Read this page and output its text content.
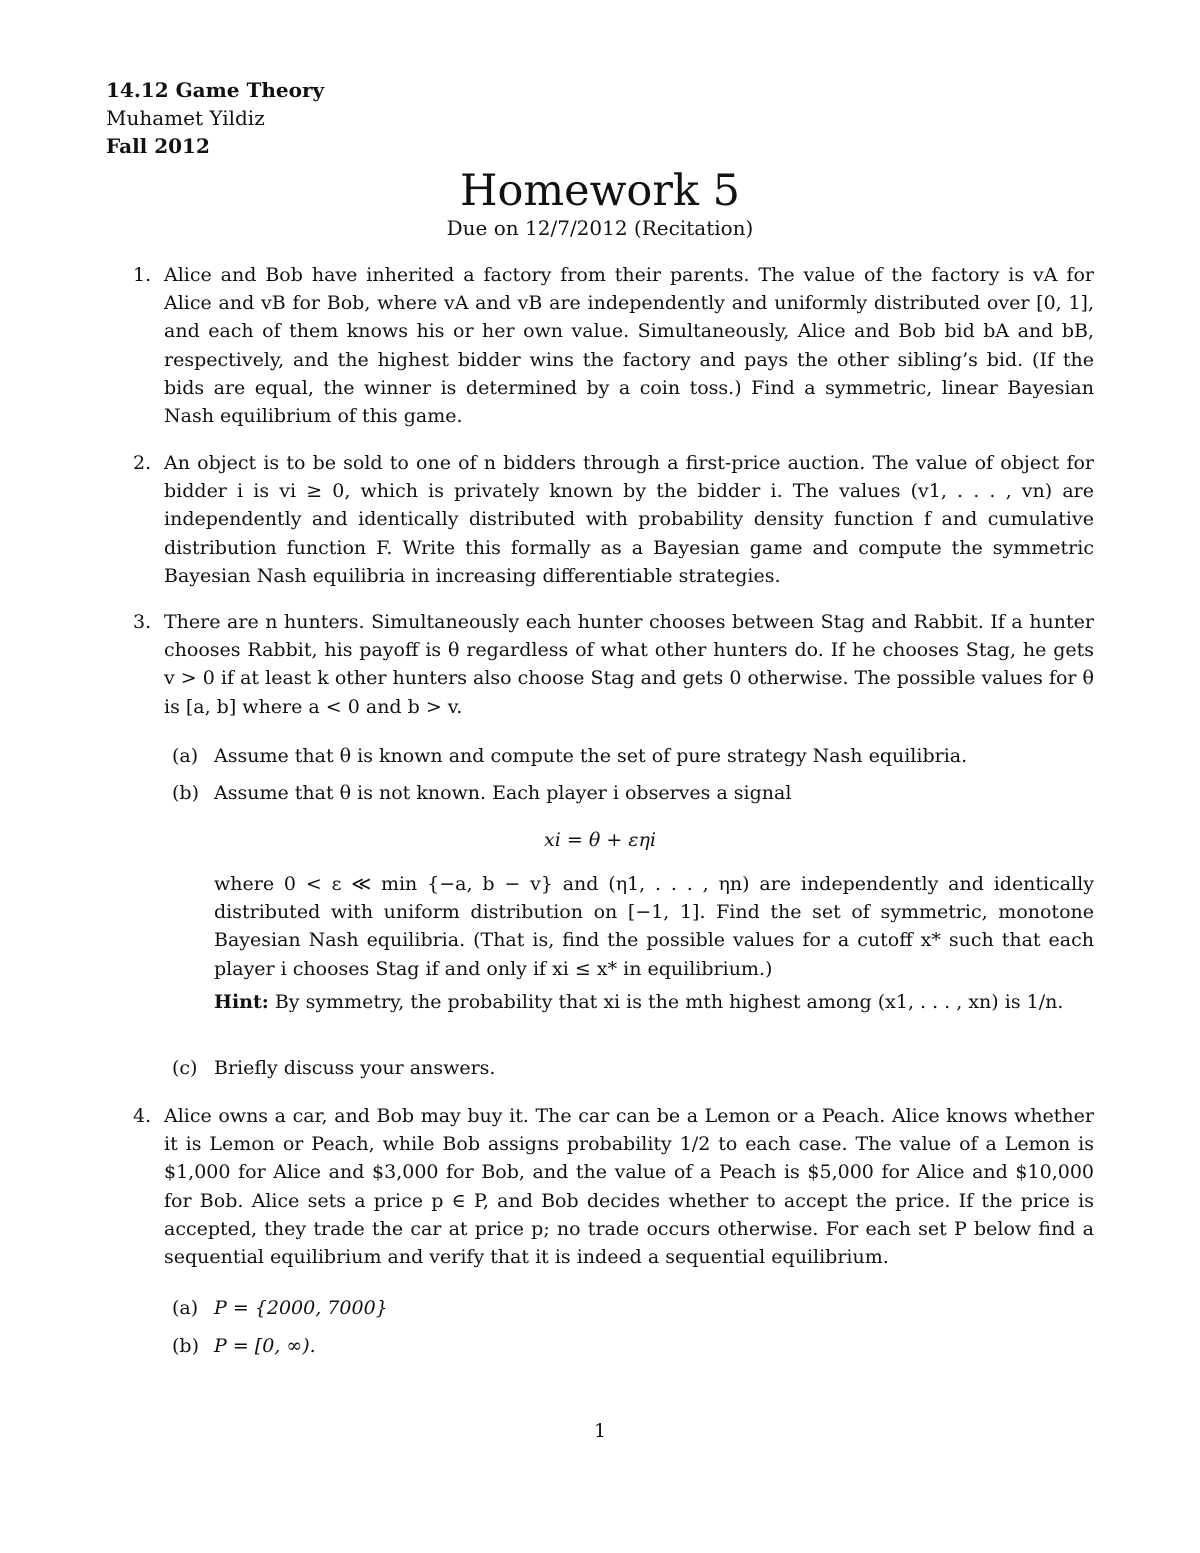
14.12 Game Theory
Muhamet Yildiz
Fall 2012
Homework 5
Due on 12/7/2012 (Recitation)
1. Alice and Bob have inherited a factory from their parents. The value of the factory is vA for Alice and vB for Bob, where vA and vB are independently and uniformly distributed over [0, 1], and each of them knows his or her own value. Simultaneously, Alice and Bob bid bA and bB, respectively, and the highest bidder wins the factory and pays the other sibling’s bid. (If the bids are equal, the winner is determined by a coin toss.) Find a symmetric, linear Bayesian Nash equilibrium of this game.
2. An object is to be sold to one of n bidders through a first-price auction. The value of object for bidder i is vi ≥ 0, which is privately known by the bidder i. The values (v1, . . . , vn) are independently and identically distributed with probability density function f and cumulative distribution function F. Write this formally as a Bayesian game and compute the symmetric Bayesian Nash equilibria in increasing differentiable strategies.
3. There are n hunters. Simultaneously each hunter chooses between Stag and Rabbit. If a hunter chooses Rabbit, his payoff is θ regardless of what other hunters do. If he chooses Stag, he gets v > 0 if at least k other hunters also choose Stag and gets 0 otherwise. The possible values for θ is [a, b] where a < 0 and b > v.
(a) Assume that θ is known and compute the set of pure strategy Nash equilibria.
(b) Assume that θ is not known. Each player i observes a signal
xi = θ + εηi
where 0 < ε ≪ min {−a, b − v} and (η1, . . . , ηn) are independently and identically distributed with uniform distribution on [−1, 1]. Find the set of symmetric, monotone Bayesian Nash equilibria. (That is, find the possible values for a cutoff x* such that each player i chooses Stag if and only if xi ≤ x* in equilibrium.)
Hint: By symmetry, the probability that xi is the mth highest among (x1, . . . , xn) is 1/n.
(c) Briefly discuss your answers.
4. Alice owns a car, and Bob may buy it. The car can be a Lemon or a Peach. Alice knows whether it is Lemon or Peach, while Bob assigns probability 1/2 to each case. The value of a Lemon is $1,000 for Alice and $3,000 for Bob, and the value of a Peach is $5,000 for Alice and $10,000 for Bob. Alice sets a price p ∈ P, and Bob decides whether to accept the price. If the price is accepted, they trade the car at price p; no trade occurs otherwise. For each set P below find a sequential equilibrium and verify that it is indeed a sequential equilibrium.
(a) P = {2000, 7000}
(b) P = [0, ∞).
1
